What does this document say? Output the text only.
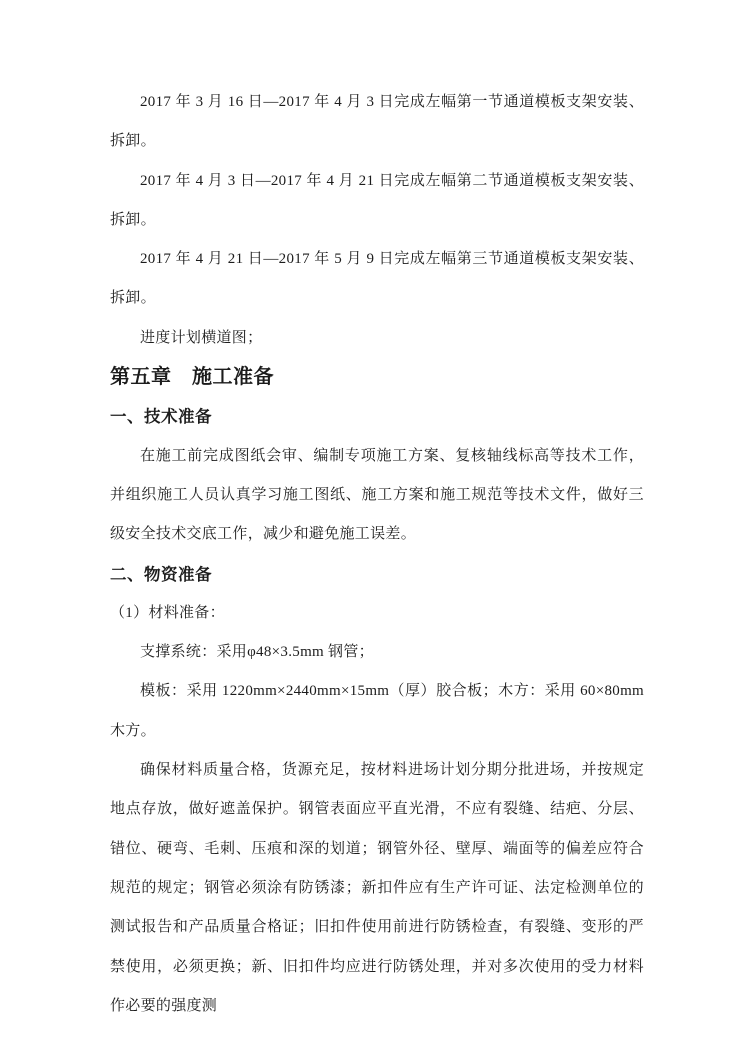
2017 年 3 月 16 日—2017 年 4 月 3 日完成左幅第一节通道模板支架安装、拆卸。

2017 年 4 月 3 日—2017 年 4 月 21 日完成左幅第二节通道模板支架安装、拆卸。

2017 年 4 月 21 日—2017 年 5 月 9 日完成左幅第三节通道模板支架安装、拆卸。

进度计划横道图；

第五章　施工准备
一、技术准备

在施工前完成图纸会审、编制专项施工方案、复核轴线标高等技术工作，并组织施工人员认真学习施工图纸、施工方案和施工规范等技术文件，做好三级安全技术交底工作，减少和避免施工误差。

二、物资准备

（1）材料准备：

支撑系统：采用φ48×3.5mm 钢管；

模板：采用 1220mm×2440mm×15mm（厚）胶合板；木方：采用 60×80mm 木方。

确保材料质量合格，货源充足，按材料进场计划分期分批进场，并按规定地点存放，做好遮盖保护。钢管表面应平直光滑，不应有裂缝、结疤、分层、错位、硬弯、毛刺、压痕和深的划道；钢管外径、壁厚、端面等的偏差应符合规范的规定；钢管必须涂有防锈漆；新扣件应有生产许可证、法定检测单位的测试报告和产品质量合格证；旧扣件使用前进行防锈检查，有裂缝、变形的严禁使用，必须更换；新、旧扣件均应进行防锈处理，并对多次使用的受力材料作必要的强度测
